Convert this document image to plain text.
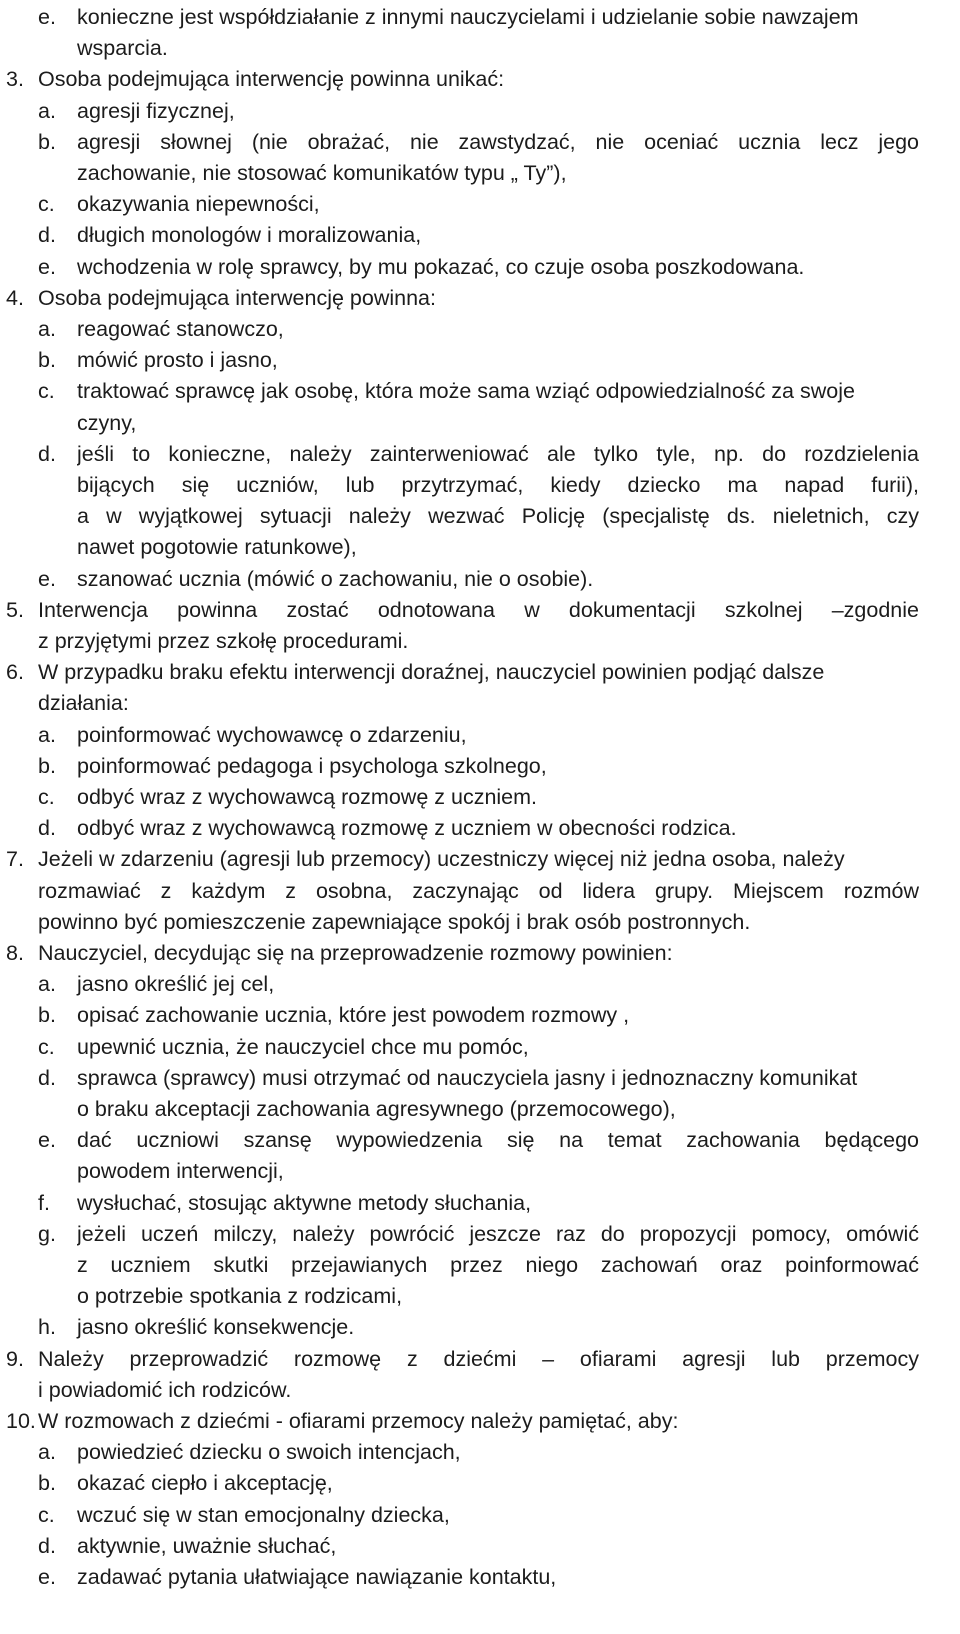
e. konieczne jest współdziałanie z innymi nauczycielami i udzielanie sobie nawzajem
wsparcia.
3. Osoba podejmująca interwencję powinna unikać:
a. agresji fizycznej,
b. agresji słownej (nie obrażać, nie zawstydzać, nie oceniać ucznia lecz jego
zachowanie, nie stosować komunikatów typu „ Ty”),
c. okazywania niepewności,
d. długich monologów i moralizowania,
e. wchodzenia w rolę sprawcy, by mu pokazać, co czuje osoba poszkodowana.
4. Osoba podejmująca interwencję powinna:
a. reagować stanowczo,
b. mówić prosto i jasno,
c. traktować sprawcę jak osobę, która może sama wziąć odpowiedzialność za swoje
czyny,
d. jeśli to konieczne, należy zainterweniować ale tylko tyle, np. do rozdzielenia
bijących się uczniów, lub przytrzymać, kiedy dziecko ma napad furii),
a w wyjątkowej sytuacji należy wezwać Policję (specjalistę ds. nieletnich, czy
nawet pogotowie ratunkowe),
e. szanować ucznia (mówić o zachowaniu, nie o osobie).
5. Interwencja powinna zostać odnotowana w dokumentacji szkolnej –zgodnie
z przyjętymi przez szkołę procedurami.
6. W przypadku braku efektu interwencji doraźnej, nauczyciel powinien podjąć dalsze
działania:
a. poinformować wychowawcę o zdarzeniu,
b. poinformować pedagoga i psychologa szkolnego,
c. odbyć wraz z wychowawcą rozmowę z uczniem.
d. odbyć wraz z wychowawcą rozmowę z uczniem w obecności rodzica.
7. Jeżeli w zdarzeniu (agresji lub przemocy) uczestniczy więcej niż jedna osoba, należy
rozmawiać z każdym z osobna, zaczynając od lidera grupy. Miejscem rozmów
powinno być pomieszczenie zapewniające spokój i brak osób postronnych.
8. Nauczyciel, decydując się na przeprowadzenie rozmowy powinien:
a. jasno określić jej cel,
b. opisać zachowanie ucznia, które jest powodem rozmowy ,
c. upewnić ucznia, że nauczyciel chce mu pomóc,
d. sprawca (sprawcy) musi otrzymać od nauczyciela jasny i jednoznaczny komunikat
o braku akceptacji zachowania agresywnego (przemocowego),
e. dać uczniowi szansę wypowiedzenia się na temat zachowania będącego
powodem interwencji,
f. wysłuchać, stosując aktywne metody słuchania,
g. jeżeli uczeń milczy, należy powrócić jeszcze raz do propozycji pomocy, omówić
z uczniem skutki przejawianych przez niego zachowań oraz poinformować
o potrzebie spotkania z rodzicami,
h. jasno określić konsekwencje.
9. Należy przeprowadzić rozmowę z dziećmi – ofiarami agresji lub przemocy
i powiadomić ich rodziców.
10. W rozmowach z dziećmi - ofiarami przemocy należy pamiętać, aby:
a. powiedzieć dziecku o swoich intencjach,
b. okazać ciepło i akceptację,
c. wczuć się w stan emocjonalny dziecka,
d. aktywnie, uważnie słuchać,
e. zadawać pytania ułatwiające nawiązanie kontaktu,
